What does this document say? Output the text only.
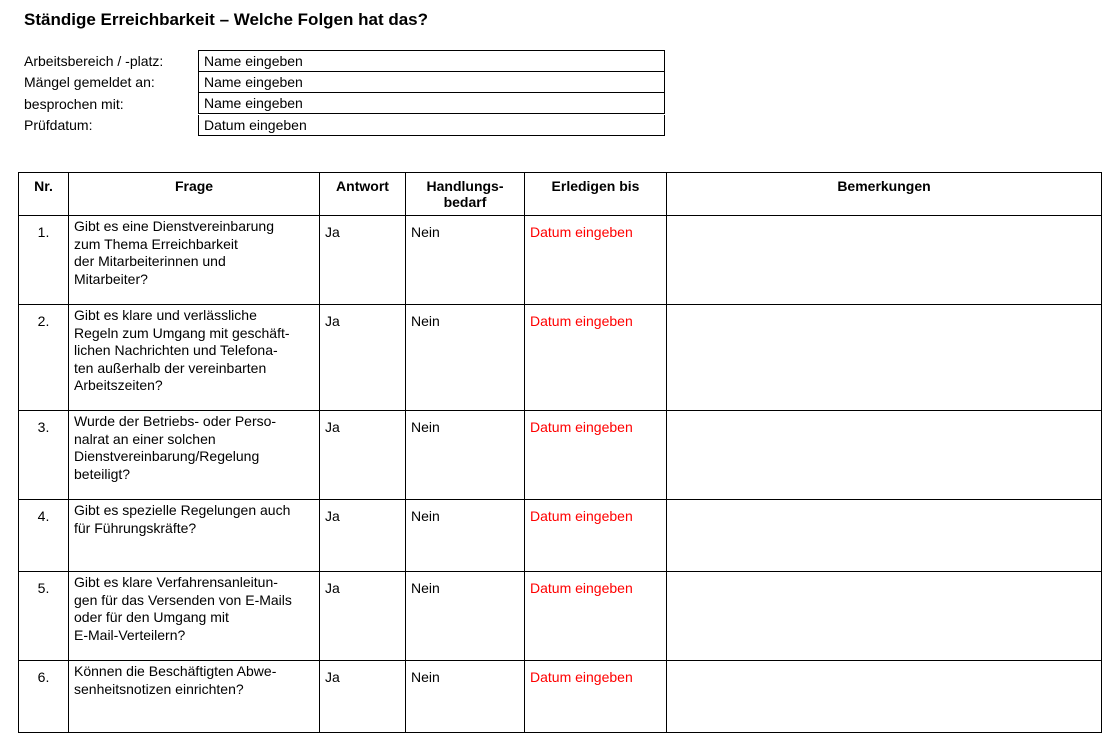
Ständige Erreichbarkeit – Welche Folgen hat das?
Arbeitsbereich / -platz:	Name eingeben
Mängel gemeldet an:	Name eingeben
besprochen mit:	Name eingeben
Prüfdatum:	Datum eingeben
Nr.	Frage	Antwort	Handlungs-
bedarf	Erledigen bis	Bemerkungen
1.	Gibt es eine Dienstvereinbarung
zum Thema Erreichbarkeit
der Mitarbeiterinnen und
Mitarbeiter?	Ja	Nein	Datum eingeben	
2.	Gibt es klare und verlässliche
Regeln zum Umgang mit geschäft-
lichen Nachrichten und Telefona-
ten außerhalb der vereinbarten
Arbeitszeiten?	Ja	Nein	Datum eingeben	
3.	Wurde der Betriebs- oder Perso-
nalrat an einer solchen
Dienstvereinbarung/Regelung
beteiligt?	Ja	Nein	Datum eingeben	
4.	Gibt es spezielle Regelungen auch
für Führungskräfte?	Ja	Nein	Datum eingeben	
5.	Gibt es klare Verfahrensanleitun-
gen für das Versenden von E-Mails
oder für den Umgang mit
E-Mail-Verteilern?	Ja	Nein	Datum eingeben	
6.	Können die Beschäftigten Abwe-
senheitsnotizen einrichten?	Ja	Nein	Datum eingeben	
